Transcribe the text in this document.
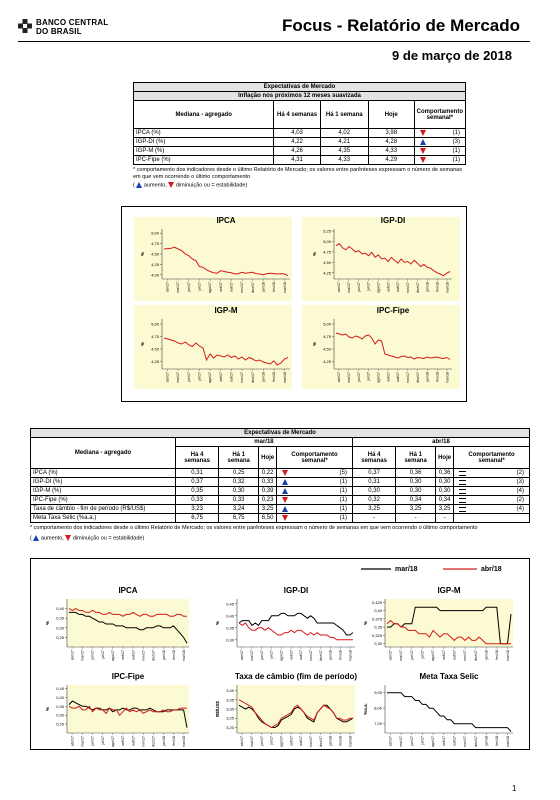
BANCO CENTRAL
DO BRASIL	Focus - Relatório de Mercado
9 de março de 2018
Expectativas de Mercado				
Inflação nos próximos 12 meses suavizada				
Mediana - agregado	Há 4 semanas	Há 1 semana	Hoje	Comportamento semanal*
IPCA (%)	4,03	4,02	3,98	(1)

IGP-DI (%)	4,22	4,21	4,28	(3)

IGP-M (%)	4,26	4,35	4,33	(1)

IPC-Fipe (%)	4,31	4,33	4,29	(1)
* comportamento dos indicadores desde o último Relatório de Mercado; os valores entre parênteses expressam o número de semanas em que vem ocorrendo o último comportamento
( aumento, diminuição ou = estabilidade)
IPCA
5,00
4,75
4,50
4,25
4,00
%
abr/17 mai/17 jun/17 jul/17 ago/17 set/17 out/17 nov/17 dez/17 jan/18 fev/18 mar/18
IGP-DI
5,25
5,00
4,75
4,50
4,25
%
abr/17 mai/17 jun/17 jul/17 ago/17 set/17 out/17 nov/17 dez/17 jan/18 fev/18 mar/18
IGP-M
5,00
4,75
4,50
4,25
%
abr/17 mai/17 jun/17 jul/17 ago/17 set/17 out/17 nov/17 dez/17 jan/18 fev/18 mar/18
IPC-Fipe
5,00
4,75
4,50
4,25
%
abr/17 mai/17 jun/17 jul/17 ago/17 set/17 out/17 nov/17 dez/17 jan/18 fev/18 mar/18
Expectativas de Mercado								
Mediana - agregado	mar/18				abr/18			
	Há 4 semanas	Há 1 semana	Hoje	Comportamento semanal*	Há 4 semanas	Há 1 semana	Hoje	Comportamento semanal*
IPCA (%)	0,31	0,25	0,22	(5)	0,37	0,36	0,36	(2)

IGP-DI (%)	0,37	0,32	0,33	(1)	0,31	0,30	0,30	(3)

IGP-M (%)	0,35	0,30	0,39	(1)	0,30	0,30	0,30	(4)

IPC-Fipe (%)	0,33	0,33	0,23	(1)	0,32	0,34	0,34	(2)

Taxa de câmbio - fim de período (R$/US$)	3,23	3,24	3,25	(1)	3,25	3,25	3,25	(4)

Meta Taxa Selic (%a.a.)	6,75	6,75	6,50	(1)	-	-	-	
* comportamento dos indicadores desde o último Relatório de Mercado; os valores entre parênteses expressam o número de semanas em que vem ocorrendo o último comportamento
( aumento, diminuição ou = estabilidade)
mar/18	abr/18
IPCA
0,40
0,35
0,30
0,25
%
abr/17 mai/17 jun/17 jul/17 ago/17 set/17 out/17 nov/17 dez/17 jan/18 fev/18 mar/18
IGP-DI
0,45
0,40
0,35
0,30
%
abr/17 mai/17 jun/17 jul/17 ago/17 set/17 out/17 nov/17 dez/17 jan/18 fev/18 mar/18
IGP-M
0,425
0,40
0,375
0,35
0,325
0,30
%
abr/17 mai/17 jun/17 jul/17 ago/17 set/17 out/17 nov/17 dez/17 jan/18 fev/18 mar/18
IPC-Fipe
0,45
0,40
0,35
0,30
0,25
%
abr/17 mai/17 jun/17 jul/17 ago/17 set/17 out/17 nov/17 dez/17 jan/18 fev/18 mar/18
Taxa de câmbio (fim de período)
3,40
3,35
3,30
3,25
3,20
R$/US$
abr/17 mai/17 jun/17 jul/17 ago/17 set/17 out/17 nov/17 dez/17 jan/18 fev/18 mar/18
Meta Taxa Selic
9,00
8,00
7,00
%a.a.
abr/17 mai/17 jun/17 jul/17 ago/17 set/17 out/17 nov/17 dez/17 jan/18 fev/18 mar/18
1
